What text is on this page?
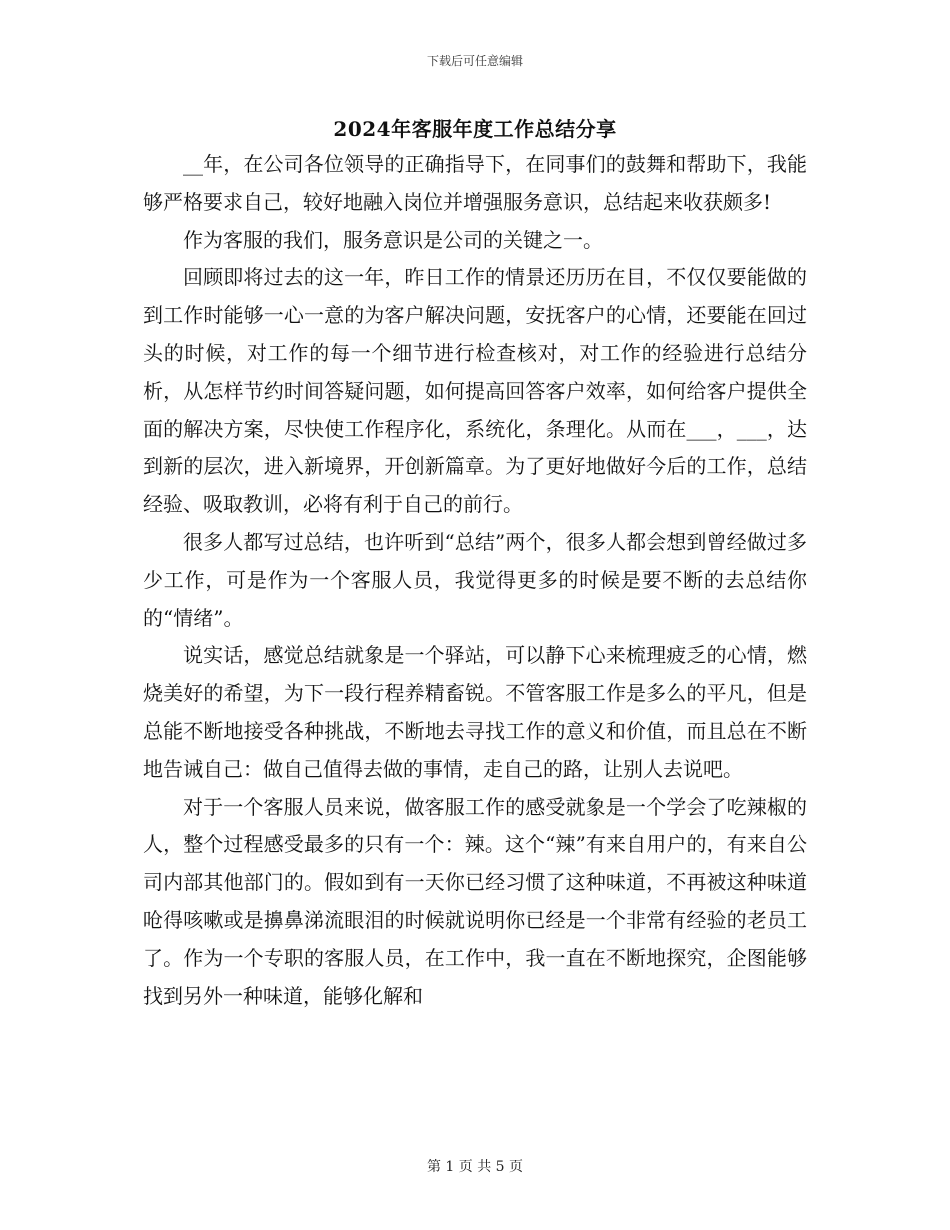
下载后可任意编辑
2024年客服年度工作总结分享

__年，在公司各位领导的正确指导下，在同事们的鼓舞和帮助下，我能够严格要求自己，较好地融入岗位并增强服务意识，总结起来收获颇多!

作为客服的我们，服务意识是公司的关键之一。

回顾即将过去的这一年，昨日工作的情景还历历在目，不仅仅要能做的到工作时能够一心一意的为客户解决问题，安抚客户的心情，还要能在回过头的时候，对工作的每一个细节进行检查核对，对工作的经验进行总结分析，从怎样节约时间答疑问题，如何提高回答客户效率，如何给客户提供全面的解决方案，尽快使工作程序化，系统化，条理化。从而在___，___，达到新的层次，进入新境界，开创新篇章。为了更好地做好今后的工作，总结经验、吸取教训，必将有利于自己的前行。

很多人都写过总结，也许听到“总结”两个，很多人都会想到曾经做过多少工作，可是作为一个客服人员，我觉得更多的时候是要不断的去总结你的“情绪”。

说实话，感觉总结就象是一个驿站，可以静下心来梳理疲乏的心情，燃烧美好的希望，为下一段行程养精畜锐。不管客服工作是多么的平凡，但是总能不断地接受各种挑战，不断地去寻找工作的意义和价值，而且总在不断地告诫自己：做自己值得去做的事情，走自己的路，让别人去说吧。

对于一个客服人员来说，做客服工作的感受就象是一个学会了吃辣椒的人，整个过程感受最多的只有一个：辣。这个“辣”有来自用户的，有来自公司内部其他部门的。假如到有一天你已经习惯了这种味道，不再被这种味道呛得咳嗽或是擤鼻涕流眼泪的时候就说明你已经是一个非常有经验的老员工了。作为一个专职的客服人员，在工作中，我一直在不断地探究，企图能够找到另外一种味道，能够化解和

第 1 页 共 5 页
